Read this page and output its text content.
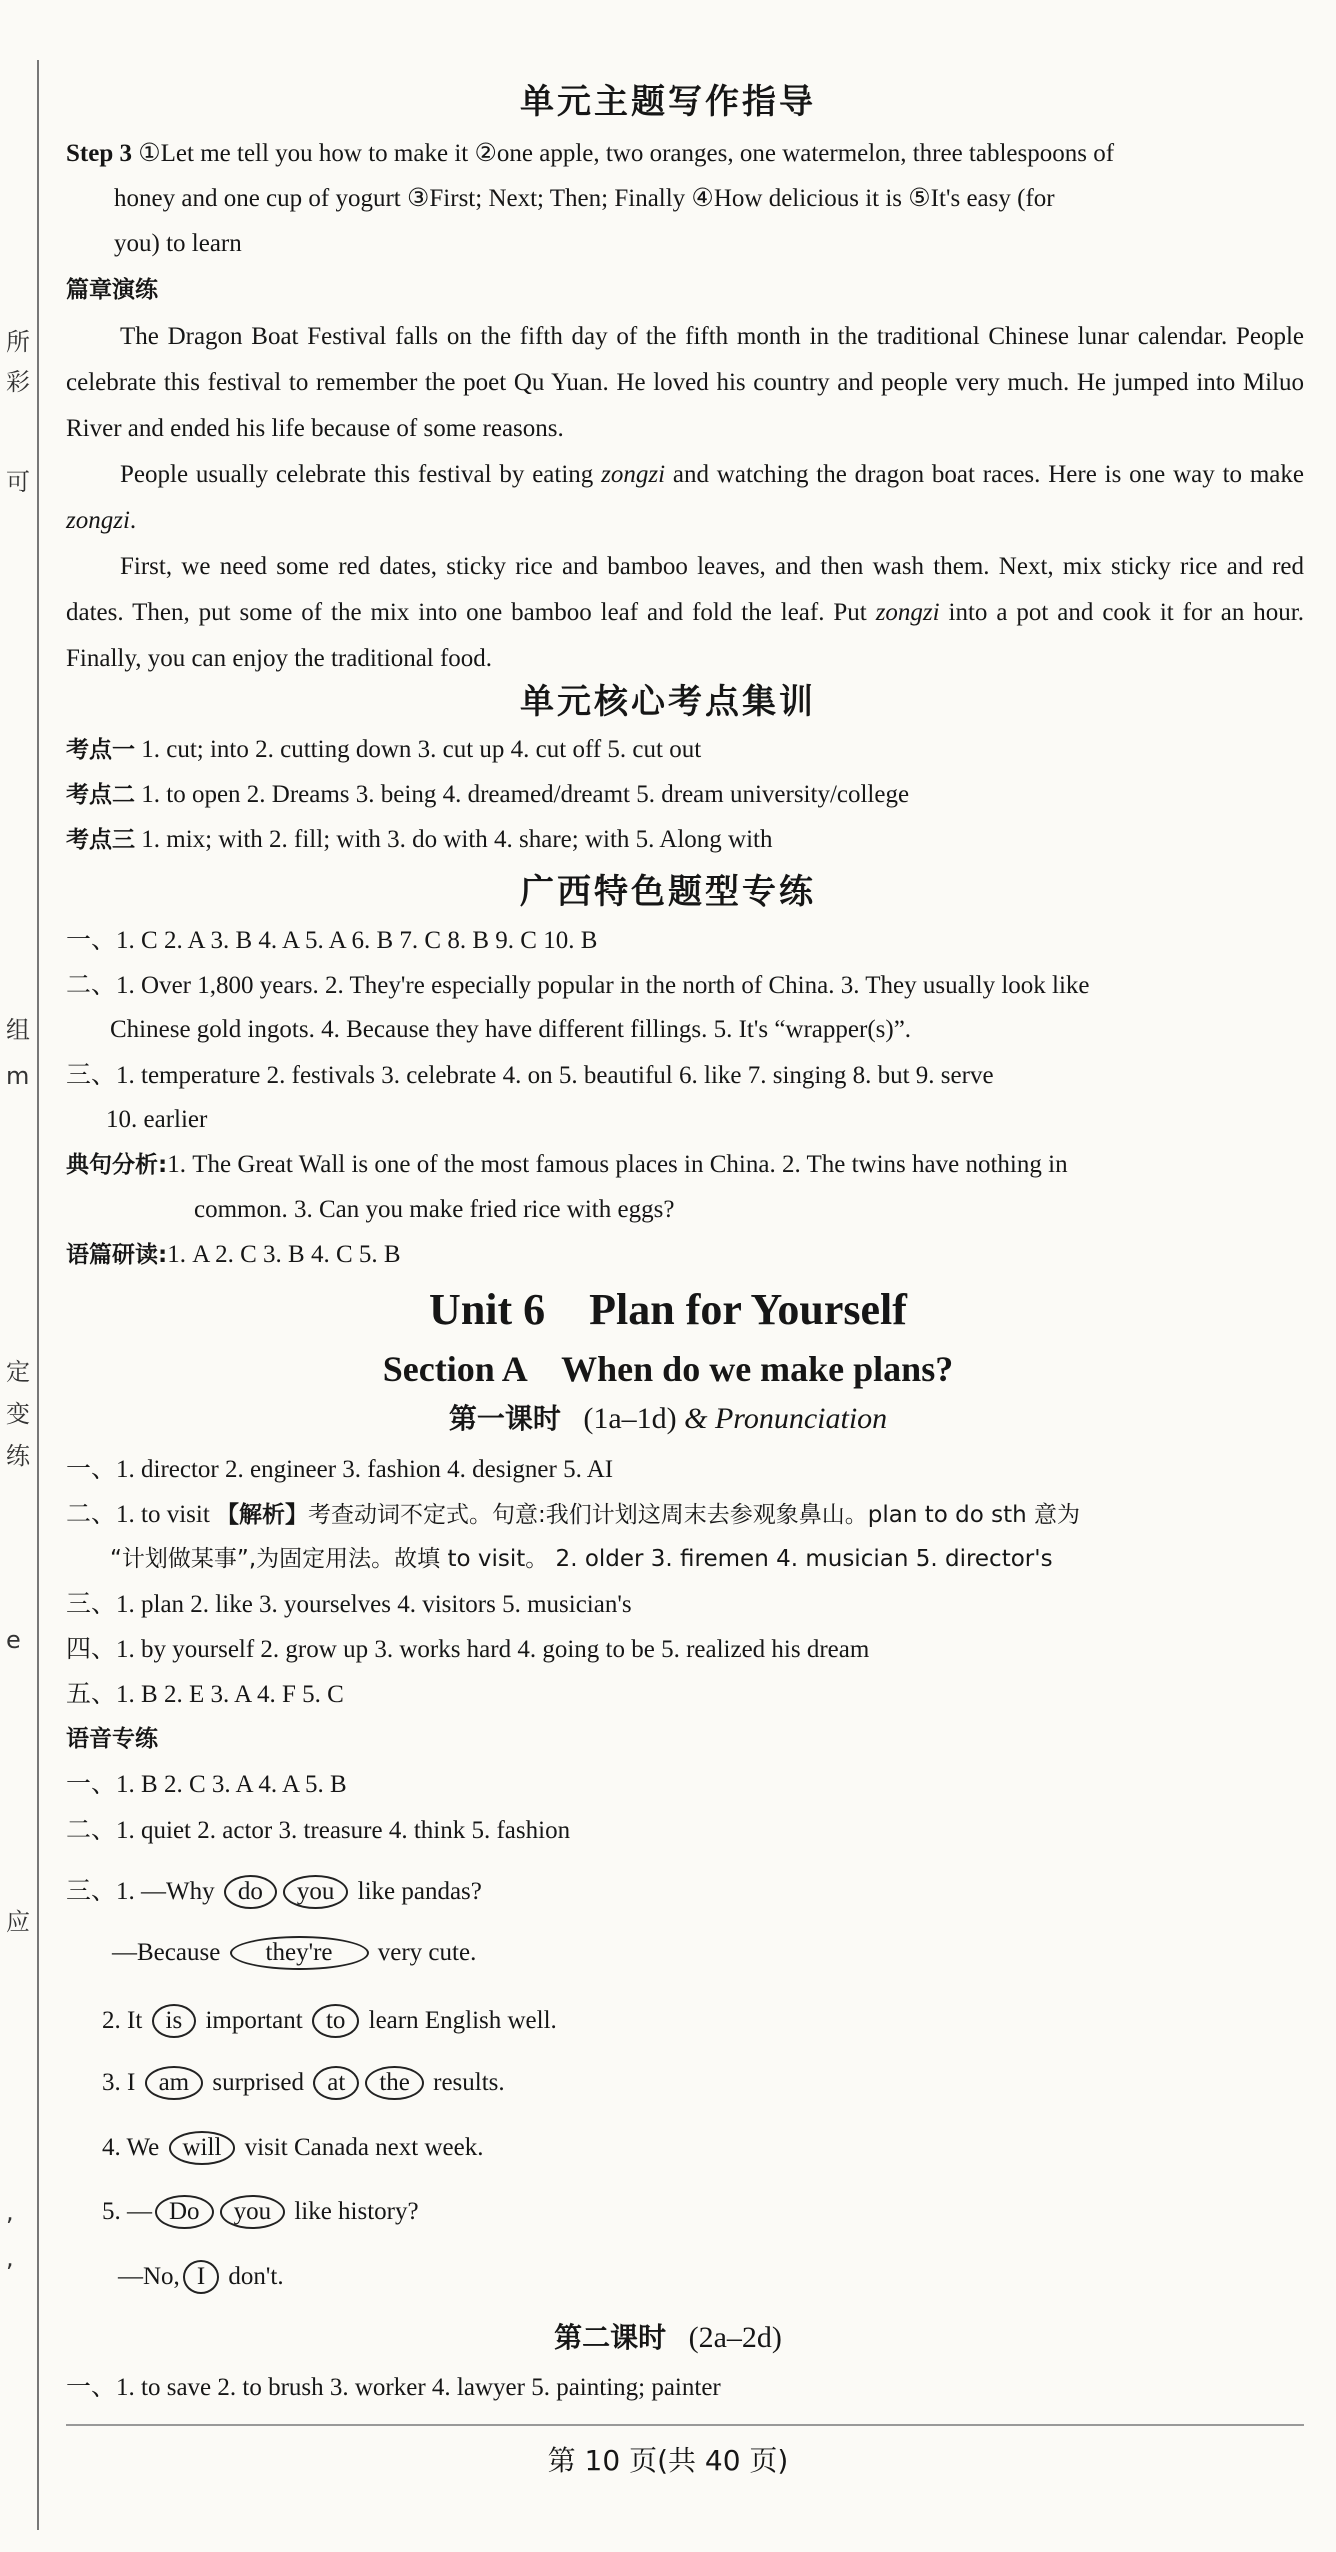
所
彩
可
组
m
定
变
练
e
应
,
,
单元主题写作指导
Step 3 ①Let me tell you how to make it ②one apple, two oranges, one watermelon, three tablespoons of
honey and one cup of yogurt ③First; Next; Then; Finally ④How delicious it is ⑤It's easy (for
you) to learn
篇章演练

The Dragon Boat Festival falls on the fifth day of the fifth month in the traditional Chinese lunar calendar. People celebrate this festival to remember the poet Qu Yuan. He loved his country and people very much. He jumped into Miluo River and ended his life because of some reasons.

People usually celebrate this festival by eating zongzi and watching the dragon boat races. Here is one way to make zongzi.

First, we need some red dates, sticky rice and bamboo leaves, and then wash them. Next, mix sticky rice and red dates. Then, put some of the mix into one bamboo leaf and fold the leaf. Put zongzi into a pot and cook it for an hour. Finally, you can enjoy the traditional food.

单元核心考点集训
考点一 1. cut; into 2. cutting down 3. cut up 4. cut off 5. cut out
考点二 1. to open 2. Dreams 3. being 4. dreamed/dreamt 5. dream university/college
考点三 1. mix; with 2. fill; with 3. do with 4. share; with 5. Along with
广西特色题型专练
一、1. C 2. A 3. B 4. A 5. A 6. B 7. C 8. B 9. C 10. B
二、1. Over 1,800 years. 2. They're especially popular in the north of China. 3. They usually look like
Chinese gold ingots. 4. Because they have different fillings. 5. It's “wrapper(s)”.
三、1. temperature 2. festivals 3. celebrate 4. on 5. beautiful 6. like 7. singing 8. but 9. serve
10. earlier
典句分析:1. The Great Wall is one of the most famous places in China. 2. The twins have nothing in
common. 3. Can you make fried rice with eggs?
语篇研读:1. A 2. C 3. B 4. C 5. B
Unit 6    Plan for Yourself
Section A    When do we make plans?
第一课时 (1a–1d) & Pronunciation
一、1. director 2. engineer 3. fashion 4. designer 5. AI
二、1. to visit 【解析】考查动词不定式。句意:我们计划这周末去参观象鼻山。plan to do sth 意为
“计划做某事”,为固定用法。故填 to visit。 2. older 3. firemen 4. musician 5. director's
三、1. plan 2. like 3. yourselves 4. visitors 5. musician's
四、1. by yourself 2. grow up 3. works hard 4. going to be 5. realized his dream
五、1. B 2. E 3. A 4. F 5. C
语音专练
一、1. B 2. C 3. A 4. A 5. B
二、1. quiet 2. actor 3. treasure 4. think 5. fashion
三、1. —Why do you like pandas?
—Because they're very cute.
2. It is important to learn English well.
3. I am surprised at the results.
4. We will visit Canada next week.
5. — Do you like history?
—No, I don't.
第二课时 (2a–2d)
一、1. to save 2. to brush 3. worker 4. lawyer 5. painting; painter
第 10 页(共 40 页)
